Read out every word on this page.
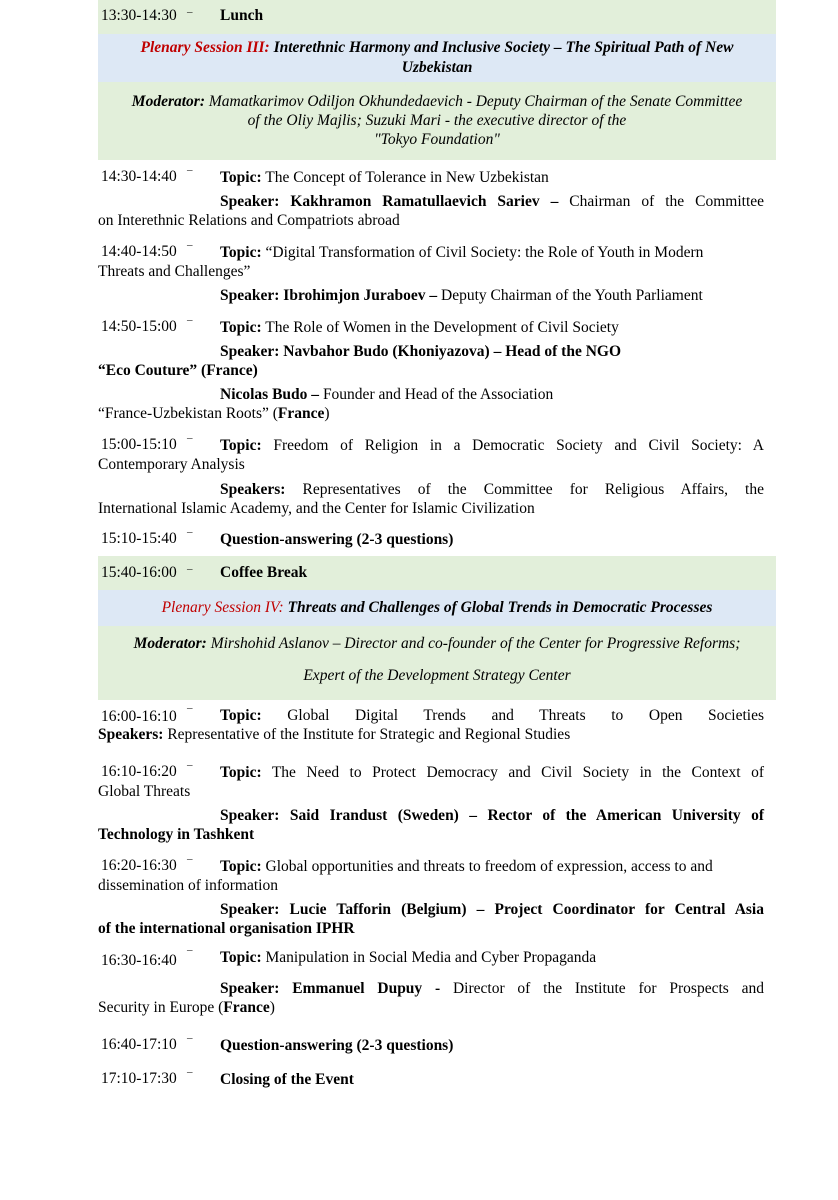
13:30-14:30 – Lunch
Plenary Session III: Interethnic Harmony and Inclusive Society – The Spiritual Path of New
Uzbekistan
Moderator: Mamatkarimov Odiljon Okhundedaevich - Deputy Chairman of the Senate Committee
of the Oliy Majlis; Suzuki Mari - the executive director of the
"Tokyo Foundation"
14:30-14:40 – Topic: The Concept of Tolerance in New Uzbekistan
Speaker: Kakhramon Ramatullaevich Sariev – Chairman of the Committee
on Interethnic Relations and Compatriots abroad
14:40-14:50 – Topic: “Digital Transformation of Civil Society: the Role of Youth in Modern
Threats and Challenges”
Speaker: Ibrohimjon Juraboev – Deputy Chairman of the Youth Parliament
14:50-15:00 – Topic: The Role of Women in the Development of Civil Society
Speaker: Navbahor Budo (Khoniyazova) – Head of the NGO
“Eco Couture” (France)
Nicolas Budo – Founder and Head of the Association
“France-Uzbekistan Roots” (France)
15:00-15:10 – Topic: Freedom of Religion in a Democratic Society and Civil Society: A
Contemporary Analysis
Speakers: Representatives of the Committee for Religious Affairs, the
International Islamic Academy, and the Center for Islamic Civilization
15:10-15:40 – Question-answering (2-3 questions)
15:40-16:00 – Coffee Break
Plenary Session IV: Threats and Challenges of Global Trends in Democratic Processes
Moderator: Mirshohid Aslanov – Director and co-founder of the Center for Progressive Reforms;
Expert of the Development Strategy Center
16:00-16:10 – Topic: Global Digital Trends and Threats to Open Societies
Speakers: Representative of the Institute for Strategic and Regional Studies
16:10-16:20 – Topic: The Need to Protect Democracy and Civil Society in the Context of
Global Threats
Speaker: Said Irandust (Sweden) – Rector of the American University of
Technology in Tashkent
16:20-16:30 – Topic: Global opportunities and threats to freedom of expression, access to and
dissemination of information
Speaker: Lucie Tafforin (Belgium) – Project Coordinator for Central Asia
of the international organisation IPHR
16:30-16:40
– Topic: Manipulation in Social Media and Cyber Propaganda
Speaker: Emmanuel Dupuy - Director of the Institute for Prospects and
Security in Europe (France)
16:40-17:10 – Question-answering (2-3 questions)
17:10-17:30 – Closing of the Event
